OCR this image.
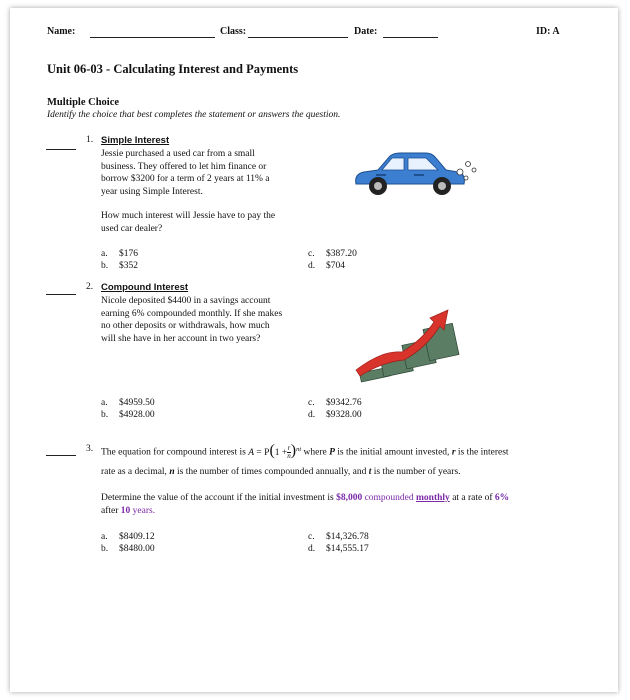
Name:	Class:	Date:	ID: A
Unit 06-03 - Calculating Interest and Payments
Multiple Choice
Identify the choice that best completes the statement or answers the question.
1. Simple Interest
Jessie purchased a used car from a small
business. They offered to let him finance or
borrow $3200 for a term of 2 years at 11% a
year using Simple Interest.
How much interest will Jessie have to pay the
used car dealer?
a. $176
b. $352
c. $387.20
d. $704
2. Compound Interest
Nicole deposited $4400 in a savings account
earning 6% compounded monthly. If she makes
no other deposits or withdrawals, how much
will she have in her account in two years?
a. $4959.50
b. $4928.00
c. $9342.76
d. $9328.00
3. The equation for compound interest is $A = P(1 + \frac{r}{n} )^{nt}$ where P is the initial amount invested, r is the interest
rate as a decimal, n is the number of times compounded annually, and t is the number of years.
Determine the value of the account if the initial investment is $8,000 compounded monthly at a rate of 6%
after 10 years.
a. $8409.12
b. $8480.00
c. $14,326.78
d. $14,555.17
